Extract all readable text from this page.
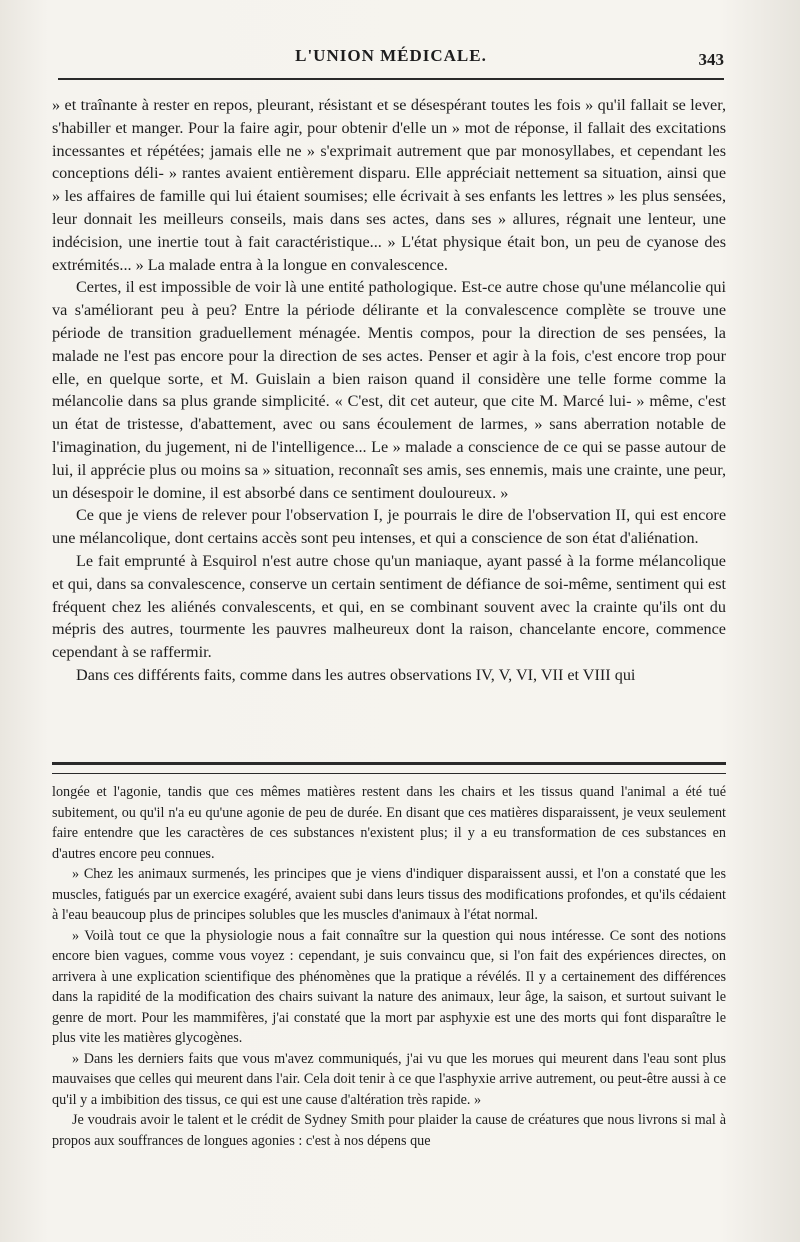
L'UNION MÉDICALE.	343

» et traînante à rester en repos, pleurant, résistant et se désespérant toutes les fois » qu'il fallait se lever, s'habiller et manger. Pour la faire agir, pour obtenir d'elle un » mot de réponse, il fallait des excitations incessantes et répétées; jamais elle ne » s'exprimait autrement que par monosyllabes, et cependant les conceptions déli- » rantes avaient entièrement disparu. Elle appréciait nettement sa situation, ainsi que » les affaires de famille qui lui étaient soumises; elle écrivait à ses enfants les lettres » les plus sensées, leur donnait les meilleurs conseils, mais dans ses actes, dans ses » allures, régnait une lenteur, une indécision, une inertie tout à fait caractéristique... » L'état physique était bon, un peu de cyanose des extrémités... » La malade entra à la longue en convalescence.

Certes, il est impossible de voir là une entité pathologique. Est-ce autre chose qu'une mélancolie qui va s'améliorant peu à peu? Entre la période délirante et la convalescence complète se trouve une période de transition graduellement ménagée. Mentis compos, pour la direction de ses pensées, la malade ne l'est pas encore pour la direction de ses actes. Penser et agir à la fois, c'est encore trop pour elle, en quelque sorte, et M. Guislain a bien raison quand il considère une telle forme comme la mélancolie dans sa plus grande simplicité. « C'est, dit cet auteur, que cite M. Marcé lui- » même, c'est un état de tristesse, d'abattement, avec ou sans écoulement de larmes, » sans aberration notable de l'imagination, du jugement, ni de l'intelligence... Le » malade a conscience de ce qui se passe autour de lui, il apprécie plus ou moins sa » situation, reconnaît ses amis, ses ennemis, mais une crainte, une peur, un désespoir le domine, il est absorbé dans ce sentiment douloureux. »

Ce que je viens de relever pour l'observation I, je pourrais le dire de l'observation II, qui est encore une mélancolique, dont certains accès sont peu intenses, et qui a conscience de son état d'aliénation.

Le fait emprunté à Esquirol n'est autre chose qu'un maniaque, ayant passé à la forme mélancolique et qui, dans sa convalescence, conserve un certain sentiment de défiance de soi-même, sentiment qui est fréquent chez les aliénés convalescents, et qui, en se combinant souvent avec la crainte qu'ils ont du mépris des autres, tourmente les pauvres malheureux dont la raison, chancelante encore, commence cependant à se raffermir.

Dans ces différents faits, comme dans les autres observations IV, V, VI, VII et VIII qui

longée et l'agonie, tandis que ces mêmes matières restent dans les chairs et les tissus quand l'animal a été tué subitement, ou qu'il n'a eu qu'une agonie de peu de durée. En disant que ces matières disparaissent, je veux seulement faire entendre que les caractères de ces substances n'existent plus; il y a eu transformation de ces substances en d'autres encore peu connues.

» Chez les animaux surmenés, les principes que je viens d'indiquer disparaissent aussi, et l'on a constaté que les muscles, fatigués par un exercice exagéré, avaient subi dans leurs tissus des modifications profondes, et qu'ils cédaient à l'eau beaucoup plus de principes solubles que les muscles d'animaux à l'état normal.

» Voilà tout ce que la physiologie nous a fait connaître sur la question qui nous intéresse. Ce sont des notions encore bien vagues, comme vous voyez : cependant, je suis convaincu que, si l'on fait des expériences directes, on arrivera à une explication scientifique des phénomènes que la pratique a révélés. Il y a certainement des différences dans la rapidité de la modification des chairs suivant la nature des animaux, leur âge, la saison, et surtout suivant le genre de mort. Pour les mammifères, j'ai constaté que la mort par asphyxie est une des morts qui font disparaître le plus vite les matières glycogènes.

» Dans les derniers faits que vous m'avez communiqués, j'ai vu que les morues qui meurent dans l'eau sont plus mauvaises que celles qui meurent dans l'air. Cela doit tenir à ce que l'asphyxie arrive autrement, ou peut-être aussi à ce qu'il y a imbibition des tissus, ce qui est une cause d'altération très rapide. »

Je voudrais avoir le talent et le crédit de Sydney Smith pour plaider la cause de créatures que nous livrons si mal à propos aux souffrances de longues agonies : c'est à nos dépens que
